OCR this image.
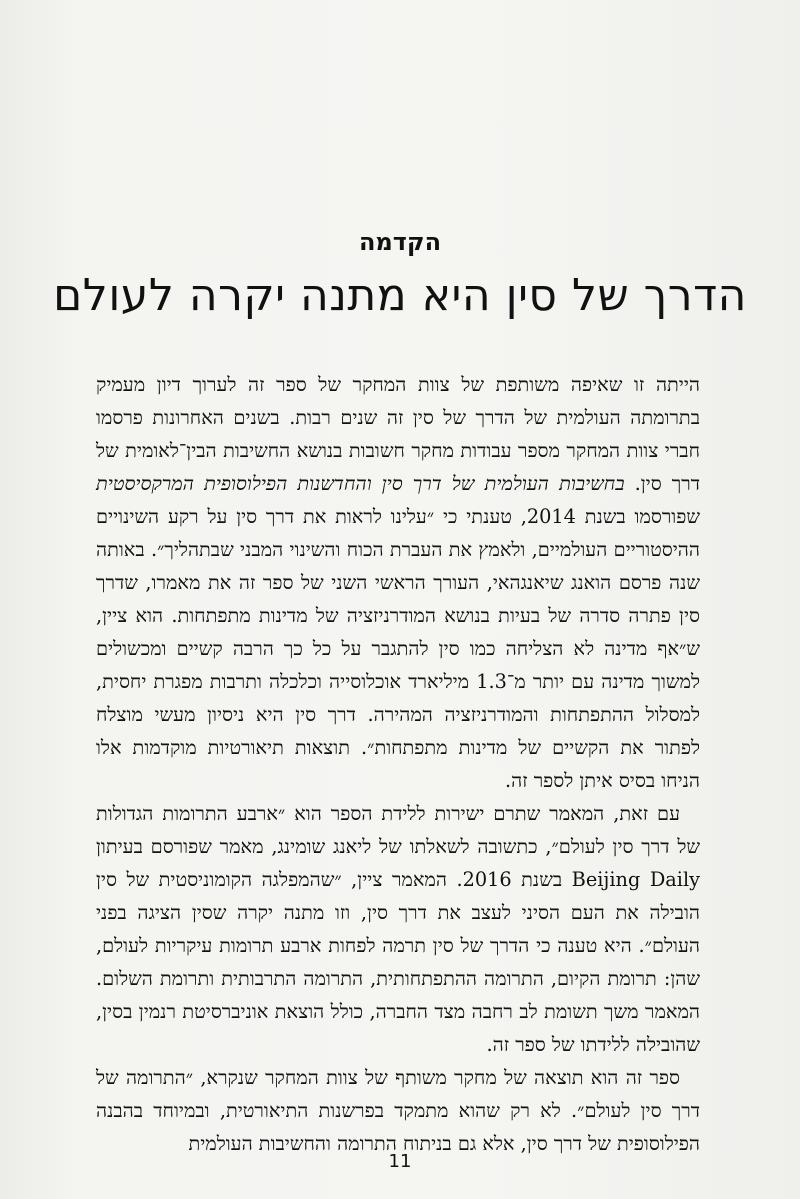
הקדמה
הדרך של סין היא מתנה יקרה לעולם

הייתה זו שאיפה משותפת של צוות המחקר של ספר זה לערוך דיון מעמיק בתרומתה העולמית של הדרך של סין זה שנים רבות. בשנים האחרונות פרסמו חברי צוות המחקר מספר עבודות מחקר חשובות בנושא החשיבות הבין־לאומית של דרך סין. בחשיבות העולמית של דרך סין והחדשנות הפילוסופית המרקסיסטית שפורסמו בשנת 2014, טענתי כי ״עלינו לראות את דרך סין על רקע השינויים ההיסטוריים העולמיים, ולאמץ את העברת הכוח והשינוי המבני שבתהליך״. באותה שנה פרסם הואנג שיאנגהאי, העורך הראשי השני של ספר זה את מאמרו, שדרך סין פתרה סדרה של בעיות בנושא המודרניזציה של מדינות מתפתחות. הוא ציין, ש״אף מדינה לא הצליחה כמו סין להתגבר על כל כך הרבה קשיים ומכשולים למשוך מדינה עם יותר מ־1.3 מיליארד אוכלוסייה וכלכלה ותרבות מפגרת יחסית, למסלול ההתפתחות והמודרניזציה המהירה. דרך סין היא ניסיון מעשי מוצלח לפתור את הקשיים של מדינות מתפתחות״. תוצאות תיאורטיות מוקדמות אלו הניחו בסיס איתן לספר זה.

עם זאת, המאמר שתרם ישירות ללידת הספר הוא ״ארבע התרומות הגדולות של דרך סין לעולם״, כתשובה לשאלתו של ליאנג שומינג, מאמר שפורסם בעיתון Beijing Daily בשנת 2016. המאמר ציין, ״שהמפלגה הקומוניסטית של סין הובילה את העם הסיני לעצב את דרך סין, וזו מתנה יקרה שסין הציגה בפני העולם״. היא טענה כי הדרך של סין תרמה לפחות ארבע תרומות עיקריות לעולם, שהן: תרומת הקיום, התרומה ההתפתחותית, התרומה התרבותית ותרומת השלום. המאמר משך תשומת לב רחבה מצד החברה, כולל הוצאת אוניברסיטת רנמין בסין, שהובילה ללידתו של ספר זה.

ספר זה הוא תוצאה של מחקר משותף של צוות המחקר שנקרא, ״התרומה של דרך סין לעולם״. לא רק שהוא מתמקד בפרשנות התיאורטית, ובמיוחד בהבנה הפילוסופית של דרך סין, אלא גם בניתוח התרומה והחשיבות העולמית

11
